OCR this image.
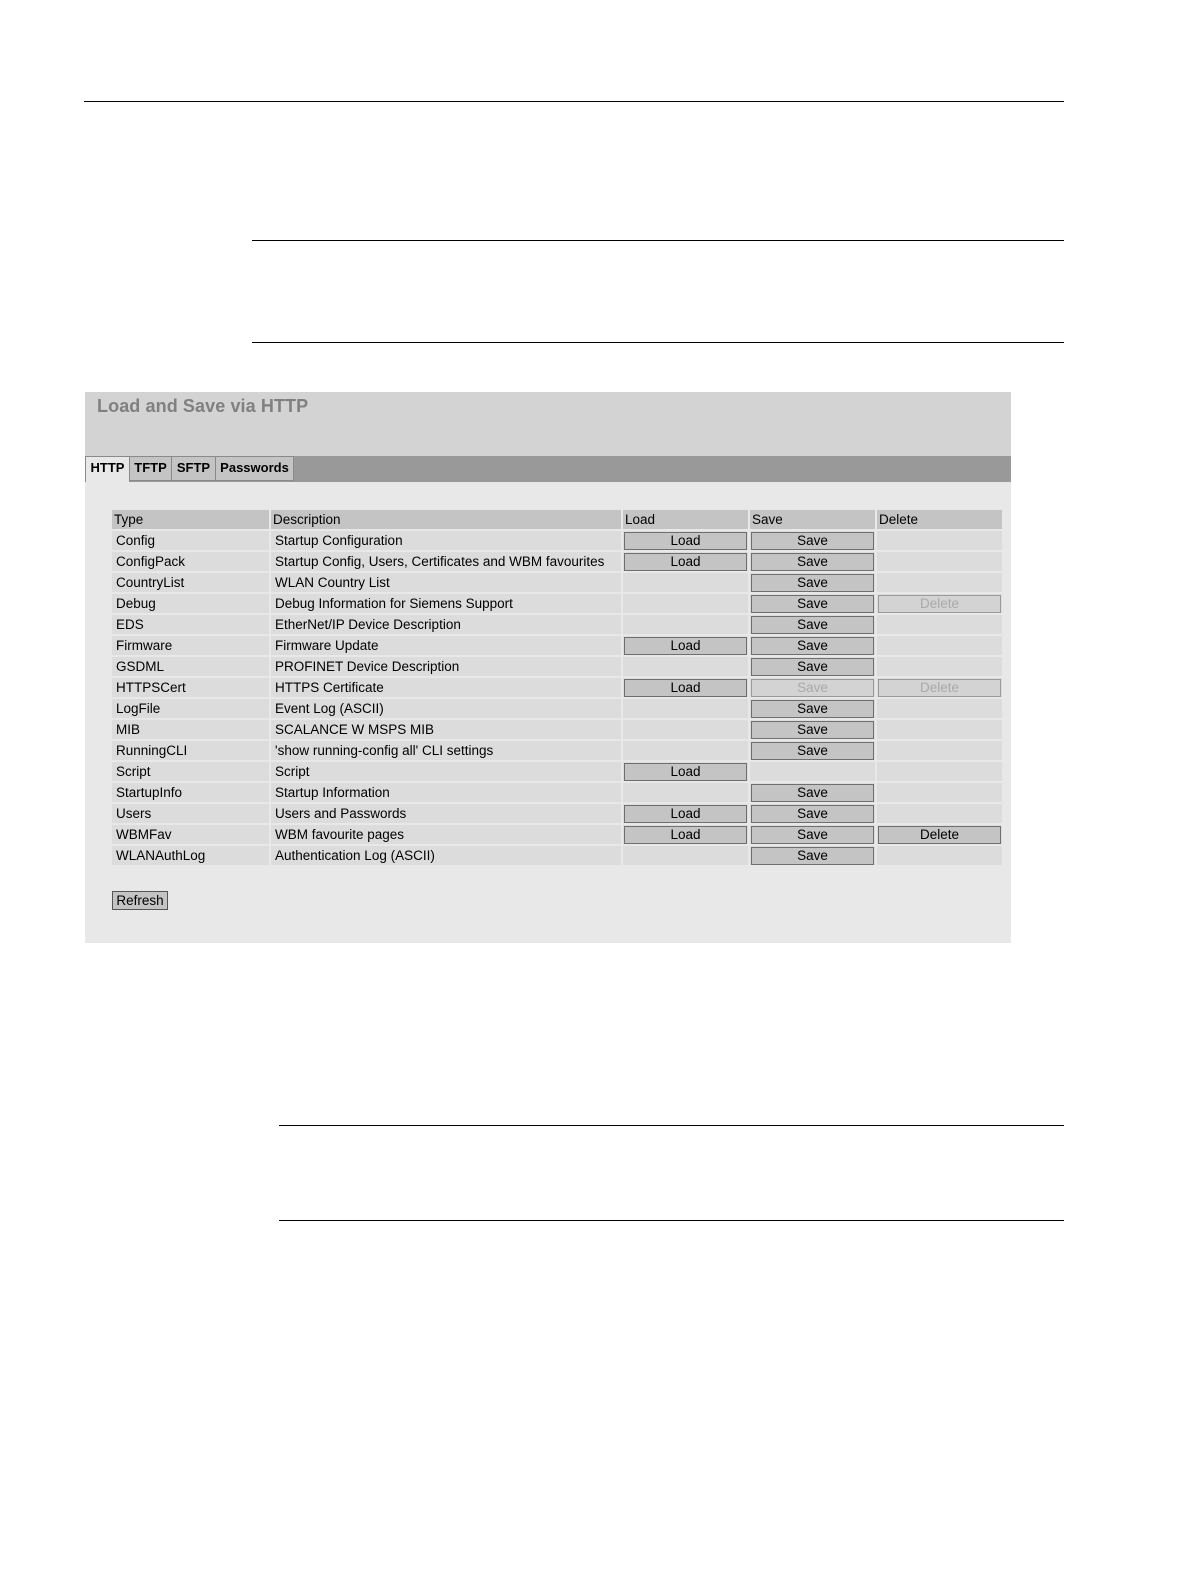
Load and Save via HTTP
HTTP TFTP SFTP Passwords
Type	Description	Load	Save	Delete
Config	Startup Configuration	Load	Save	
ConfigPack	Startup Config, Users, Certificates and WBM favourites	Load	Save	
CountryList	WLAN Country List		Save	
Debug	Debug Information for Siemens Support		Save	Delete
EDS	EtherNet/IP Device Description		Save	
Firmware	Firmware Update	Load	Save	
GSDML	PROFINET Device Description		Save	
HTTPSCert	HTTPS Certificate	Load	Save	Delete
LogFile	Event Log (ASCII)		Save	
MIB	SCALANCE W MSPS MIB		Save	
RunningCLI	'show running-config all' CLI settings		Save	
Script	Script	Load		
StartupInfo	Startup Information		Save	
Users	Users and Passwords	Load	Save	
WBMFav	WBM favourite pages	Load	Save	Delete
WLANAuthLog	Authentication Log (ASCII)		Save	
Refresh
